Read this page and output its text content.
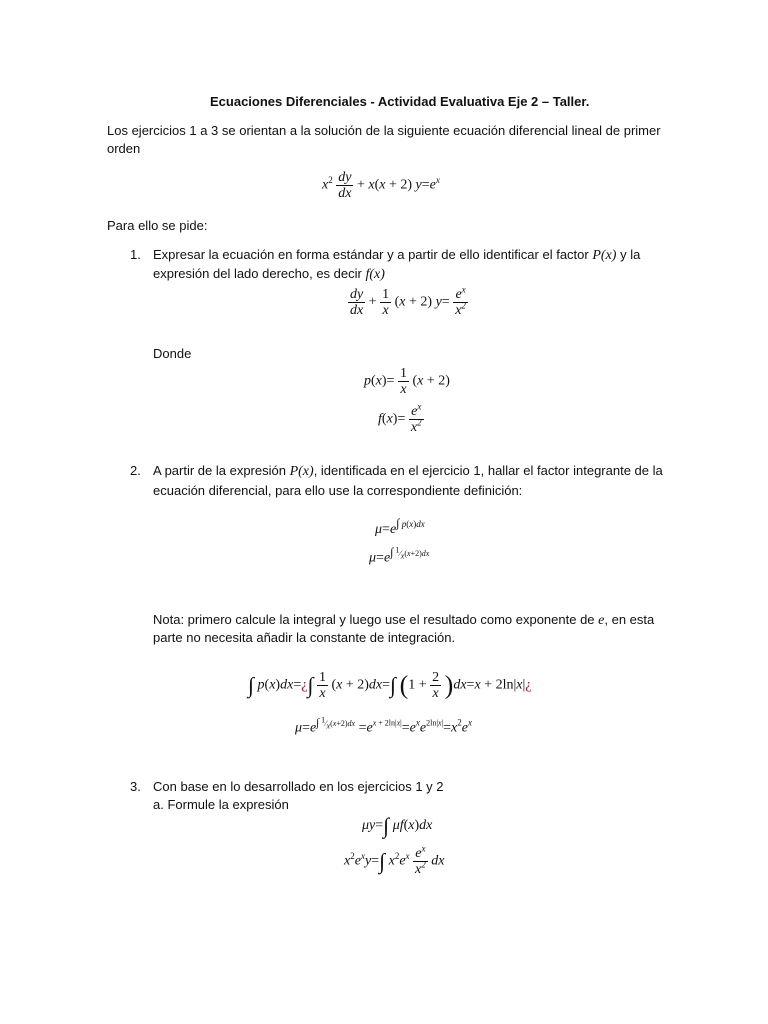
Ecuaciones Diferenciales - Actividad Evaluativa Eje 2 – Taller.
Los ejercicios 1 a 3 se orientan a la solución de la siguiente ecuación diferencial lineal de primer
orden
$x^2 \frac{dy}{dx} + x(x + 2)$ $y=e^x$
Para ello se pide:
1. Expresar la ecuación en forma estándar y a partir de ello identificar el factor P(x) y la
expresión del lado derecho, es decir f(x)
$\frac{dy}{dx} + \frac{1}{x} (x + 2)$ $y= \frac{e^x}{x^2}$
Donde
$p(x)= \frac{1}{x} (x + 2)$
$f(x)= \frac{e^x}{x^2}$
2. A partir de la expresión P(x), identificada en el ejercicio 1, hallar el factor integrante de la
ecuación diferencial, para ello use la correspondiente definición:
$\mu=e^{\int p(x)dx}$
$\mu=e^{\int ^1⁄_x(x+2)dx}$
Nota: primero calcule la integral y luego use el resultado como exponente de e, en esta
parte no necesita añadir la constante de integración.
∫ p(x)dx=¿∫ $\frac{1}{x} (x + 2)dx=\int$ $(1 + \frac{2}{x} )dx=x$ + 2ln|x|¿
$\mu=e^{\int ^1⁄_x(x+2)dx} =e^{x + 2ln|x|}=e^xe^{2ln|x|}=x^2e^x$
3. Con base en lo desarrollado en los ejercicios 1 y 2
a. Formule la expresión
μy=∫ μf(x)dx
$x^2e^xy=\int$ $x^2e^x \frac{e^x}{x^2}$ dx
